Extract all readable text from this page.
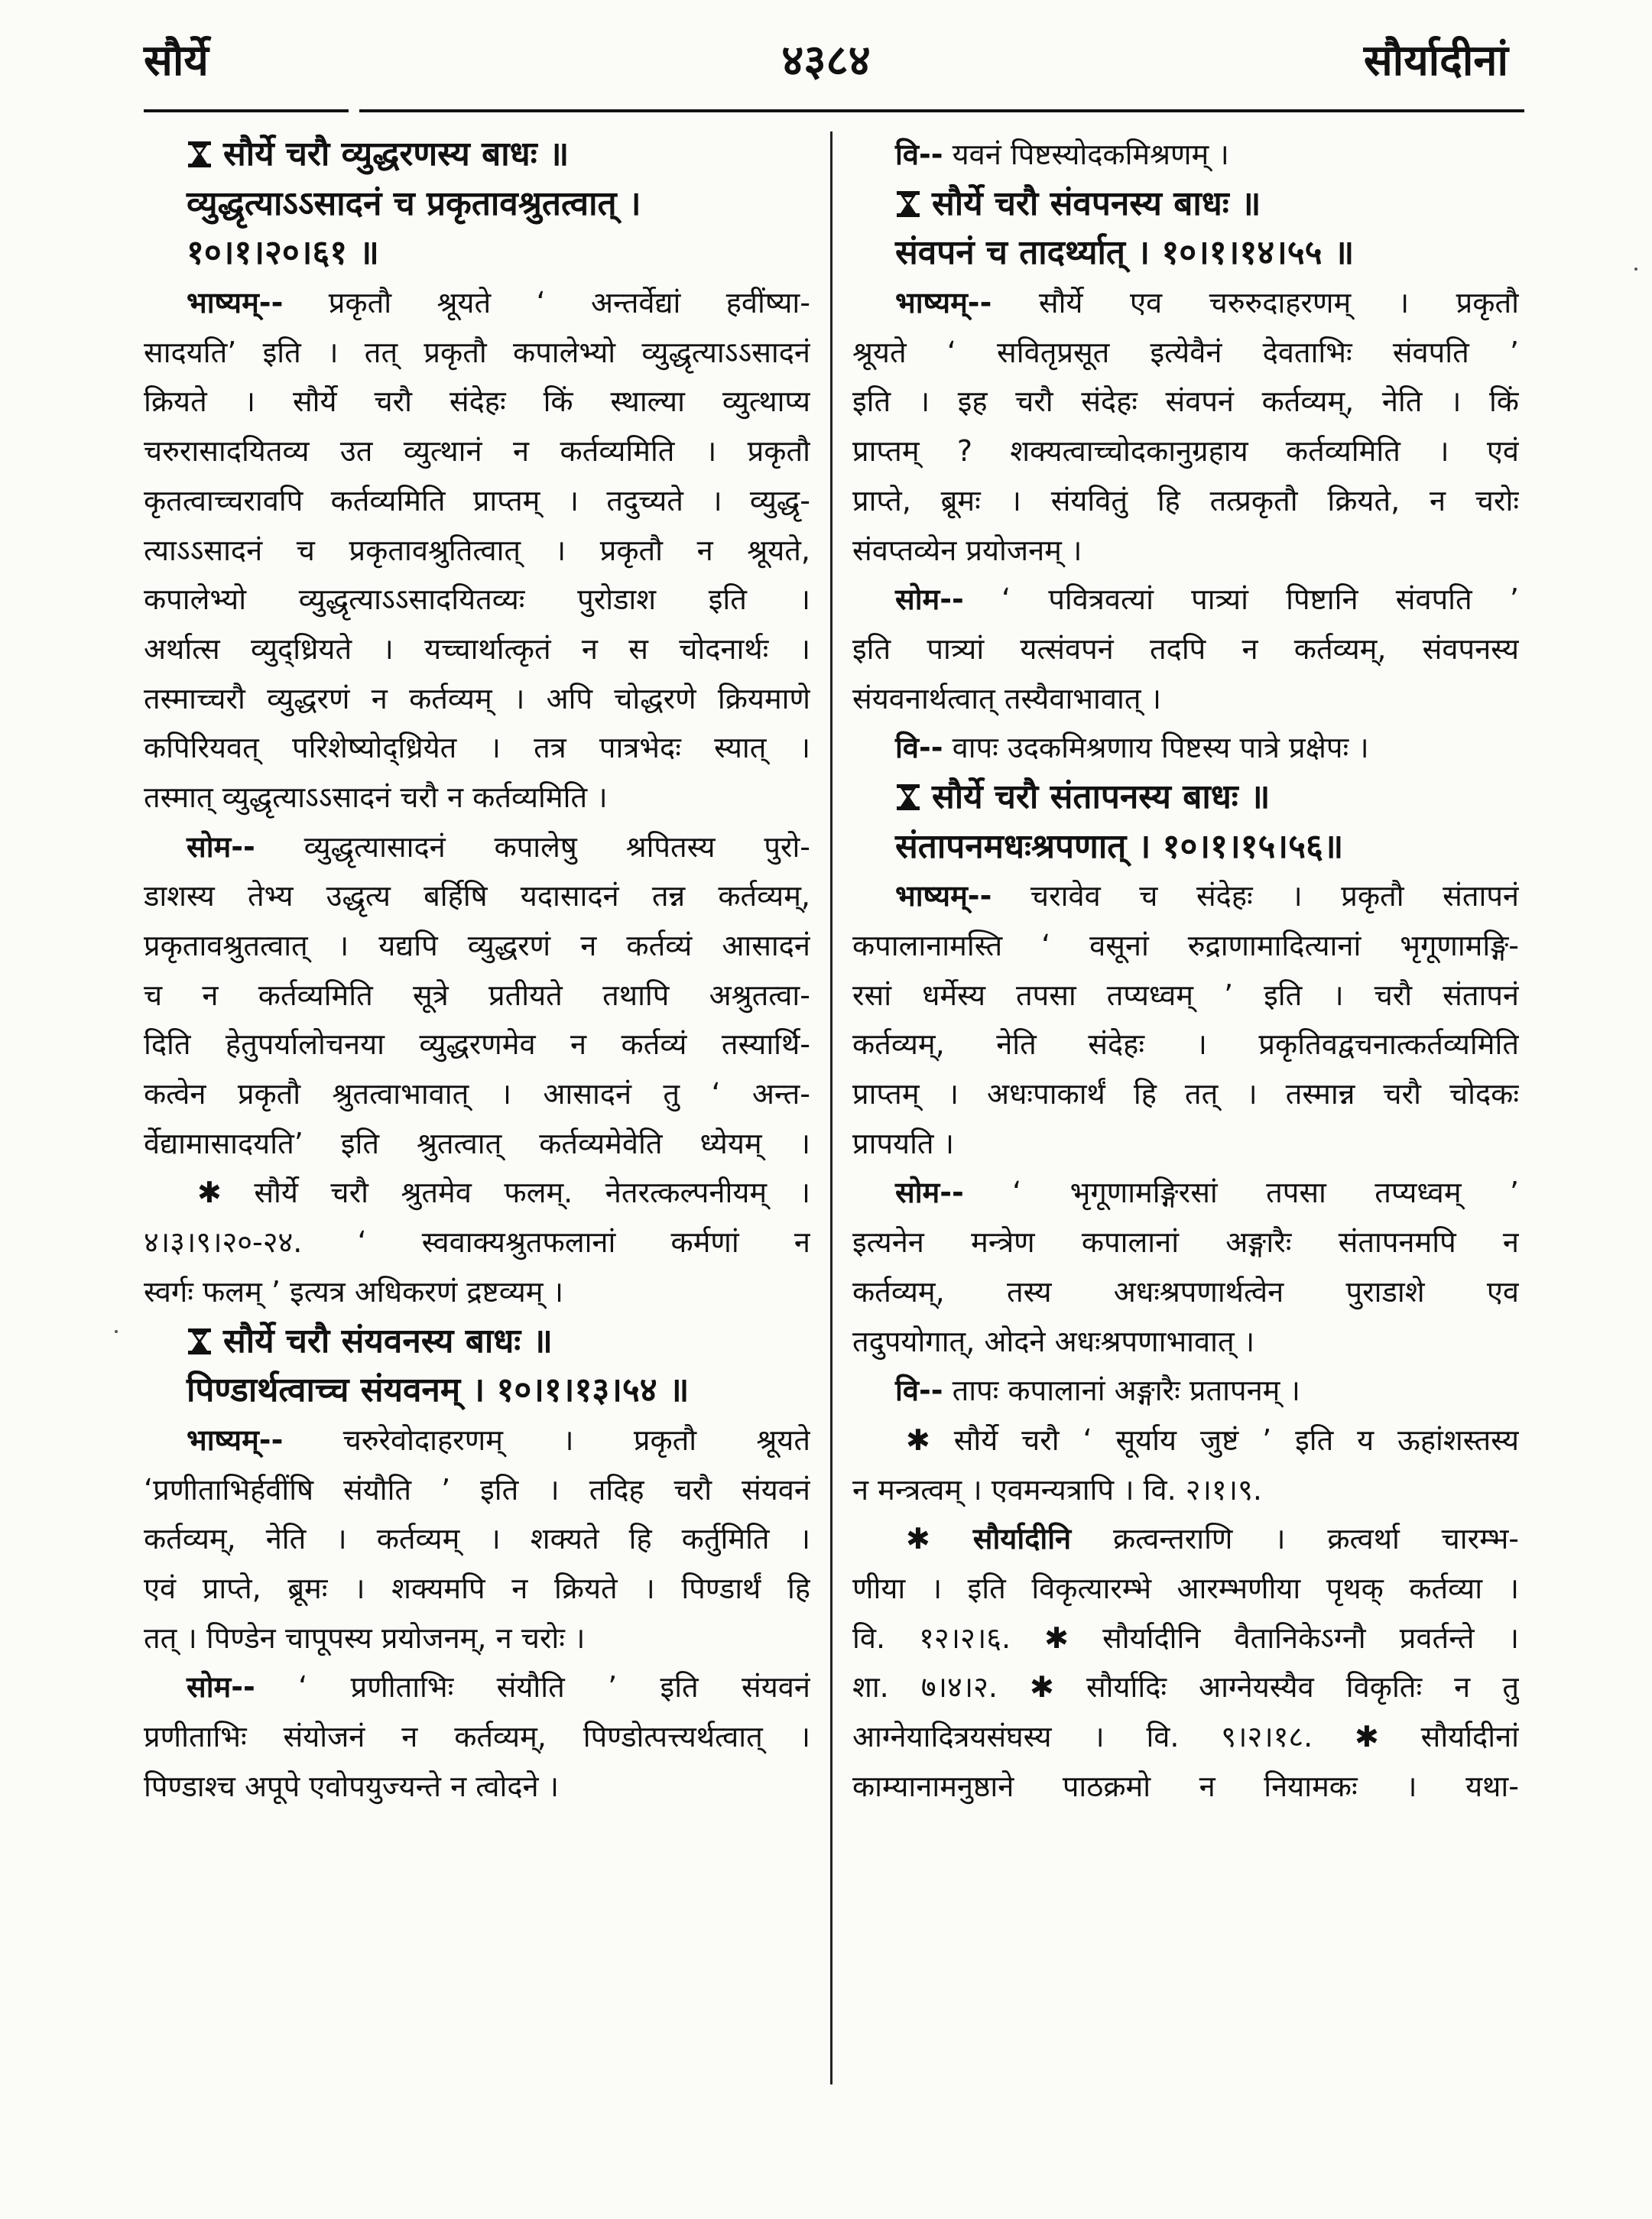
सौर्ये	४३८४	सौर्यादीनां

सौर्ये चरौ व्युद्धरणस्य बाधः ॥

व्युद्धृत्याऽऽसादनं च प्रकृतावश्रुतत्वात् ।

१०।१।२०।६१ ॥

भाष्यम्-- प्रकृतौ श्रूयते ‘ अन्तर्वेद्यां हवींष्या-

सादयति’ इति । तत् प्रकृतौ कपालेभ्यो व्युद्धृत्याऽऽसादनं

क्रियते । सौर्ये चरौ संदेहः किं स्थाल्या व्युत्थाप्य

चरुरासादयितव्य उत व्युत्थानं न कर्तव्यमिति । प्रकृतौ

कृतत्वाच्चरावपि कर्तव्यमिति प्राप्तम् । तदुच्यते । व्युद्धृ-

त्याऽऽसादनं च प्रकृतावश्रुतित्वात् । प्रकृतौ न श्रूयते,

कपालेभ्यो व्युद्धृत्याऽऽसादयितव्यः पुरोडाश इति ।

अर्थात्स व्युद्ध्रियते । यच्चार्थात्कृतं न स चोदनार्थः ।

तस्माच्चरौ व्युद्धरणं न कर्तव्यम् । अपि चोद्धरणे क्रियमाणे

कपिरियवत् परिशेष्योद्ध्रियेत । तत्र पात्रभेदः स्यात् ।

तस्मात् व्युद्धृत्याऽऽसादनं चरौ न कर्तव्यमिति ।

सोम-- व्युद्धृत्यासादनं कपालेषु श्रपितस्य पुरो-

डाशस्य तेभ्य उद्धृत्य बर्हिषि यदासादनं तन्न कर्तव्यम्,

प्रकृतावश्रुतत्वात् । यद्यपि व्युद्धरणं न कर्तव्यं आसादनं

च न कर्तव्यमिति सूत्रे प्रतीयते तथापि अश्रुतत्वा-

दिति हेतुपर्यालोचनया व्युद्धरणमेव न कर्तव्यं तस्यार्थि-

कत्वेन प्रकृतौ श्रुतत्वाभावात् । आसादनं तु ‘ अन्त-

र्वेद्यामासादयति’ इति श्रुतत्वात् कर्तव्यमेवेति ध्येयम् ।

✱ सौर्ये चरौ श्रुतमेव फलम्. नेतरत्कल्पनीयम् ।

४।३।९।२०-२४. ‘ स्ववाक्यश्रुतफलानां कर्मणां न

स्वर्गः फलम् ’ इत्यत्र अधिकरणं द्रष्टव्यम् ।

सौर्ये चरौ संयवनस्य बाधः ॥

पिण्डार्थत्वाच्च संयवनम् । १०।१।१३।५४ ॥

भाष्यम्-- चरुरेवोदाहरणम् । प्रकृतौ श्रूयते

‘प्रणीताभिर्हवींषि संयौति ’ इति । तदिह चरौ संयवनं

कर्तव्यम्, नेति । कर्तव्यम् । शक्यते हि कर्तुमिति ।

एवं प्राप्ते, ब्रूमः । शक्यमपि न क्रियते । पिण्डार्थं हि

तत् । पिण्डेन चापूपस्य प्रयोजनम्, न चरोः ।

सोम-- ‘ प्रणीताभिः संयौति ’ इति संयवनं

प्रणीताभिः संयोजनं न कर्तव्यम्, पिण्डोत्पत्त्यर्थत्वात् ।

पिण्डाश्च अपूपे एवोपयुज्यन्ते न त्वोदने ।

वि-- यवनं पिष्टस्योदकमिश्रणम् ।

सौर्ये चरौ संवपनस्य बाधः ॥

संवपनं च तादर्थ्यात् । १०।१।१४।५५ ॥

भाष्यम्-- सौर्ये एव चरुरुदाहरणम् । प्रकृतौ

श्रूयते ‘ सवितृप्रसूत इत्येवैनं देवताभिः संवपति ’

इति । इह चरौ संदेहः संवपनं कर्तव्यम्, नेति । किं

प्राप्तम् ? शक्यत्वाच्चोदकानुग्रहाय कर्तव्यमिति । एवं

प्राप्ते, ब्रूमः । संयवितुं हि तत्प्रकृतौ क्रियते, न चरोः

संवप्तव्येन प्रयोजनम् ।

सोम-- ‘ पवित्रवत्यां पात्र्यां पिष्टानि संवपति ’

इति पात्र्यां यत्संवपनं तदपि न कर्तव्यम्, संवपनस्य

संयवनार्थत्वात् तस्यैवाभावात् ।

वि-- वापः उदकमिश्रणाय पिष्टस्य पात्रे प्रक्षेपः ।

सौर्ये चरौ संतापनस्य बाधः ॥

संतापनमधःश्रपणात् । १०।१।१५।५६॥

भाष्यम्-- चरावेव च संदेहः । प्रकृतौ संतापनं

कपालानामस्ति ‘ वसूनां रुद्राणामादित्यानां भृगूणामङ्गि-

रसां धर्मेस्य तपसा तप्यध्वम् ’ इति । चरौ संतापनं

कर्तव्यम्, नेति संदेहः । प्रकृतिवद्वचनात्कर्तव्यमिति

प्राप्तम् । अधःपाकार्थं हि तत् । तस्मान्न चरौ चोदकः

प्रापयति ।

सोम-- ‘ भृगूणामङ्गिरसां तपसा तप्यध्वम् ’

इत्यनेन मन्त्रेण कपालानां अङ्गारैः संतापनमपि न

कर्तव्यम्, तस्य अधःश्रपणार्थत्वेन पुराडाशे एव

तदुपयोगात्, ओदने अधःश्रपणाभावात् ।

वि-- तापः कपालानां अङ्गारैः प्रतापनम् ।

✱ सौर्ये चरौ ‘ सूर्याय जुष्टं ’ इति य ऊहांशस्तस्य

न मन्त्रत्वम् । एवमन्यत्रापि । वि. २।१।९.

✱ सौर्यादीनि क्रत्वन्तराणि । क्रत्वर्था चारम्भ-

णीया । इति विकृत्यारम्भे आरम्भणीया पृथक् कर्तव्या ।

वि. १२।२।६. ✱ सौर्यादीनि वैतानिकेऽग्नौ प्रवर्तन्ते ।

शा. ७।४।२. ✱ सौर्यादिः आग्नेयस्यैव विकृतिः न तु

आग्नेयादित्रयसंघस्य । वि. ९।२।१८. ✱ सौर्यादीनां

काम्यानामनुष्ठाने पाठक्रमो न नियामकः । यथा-
